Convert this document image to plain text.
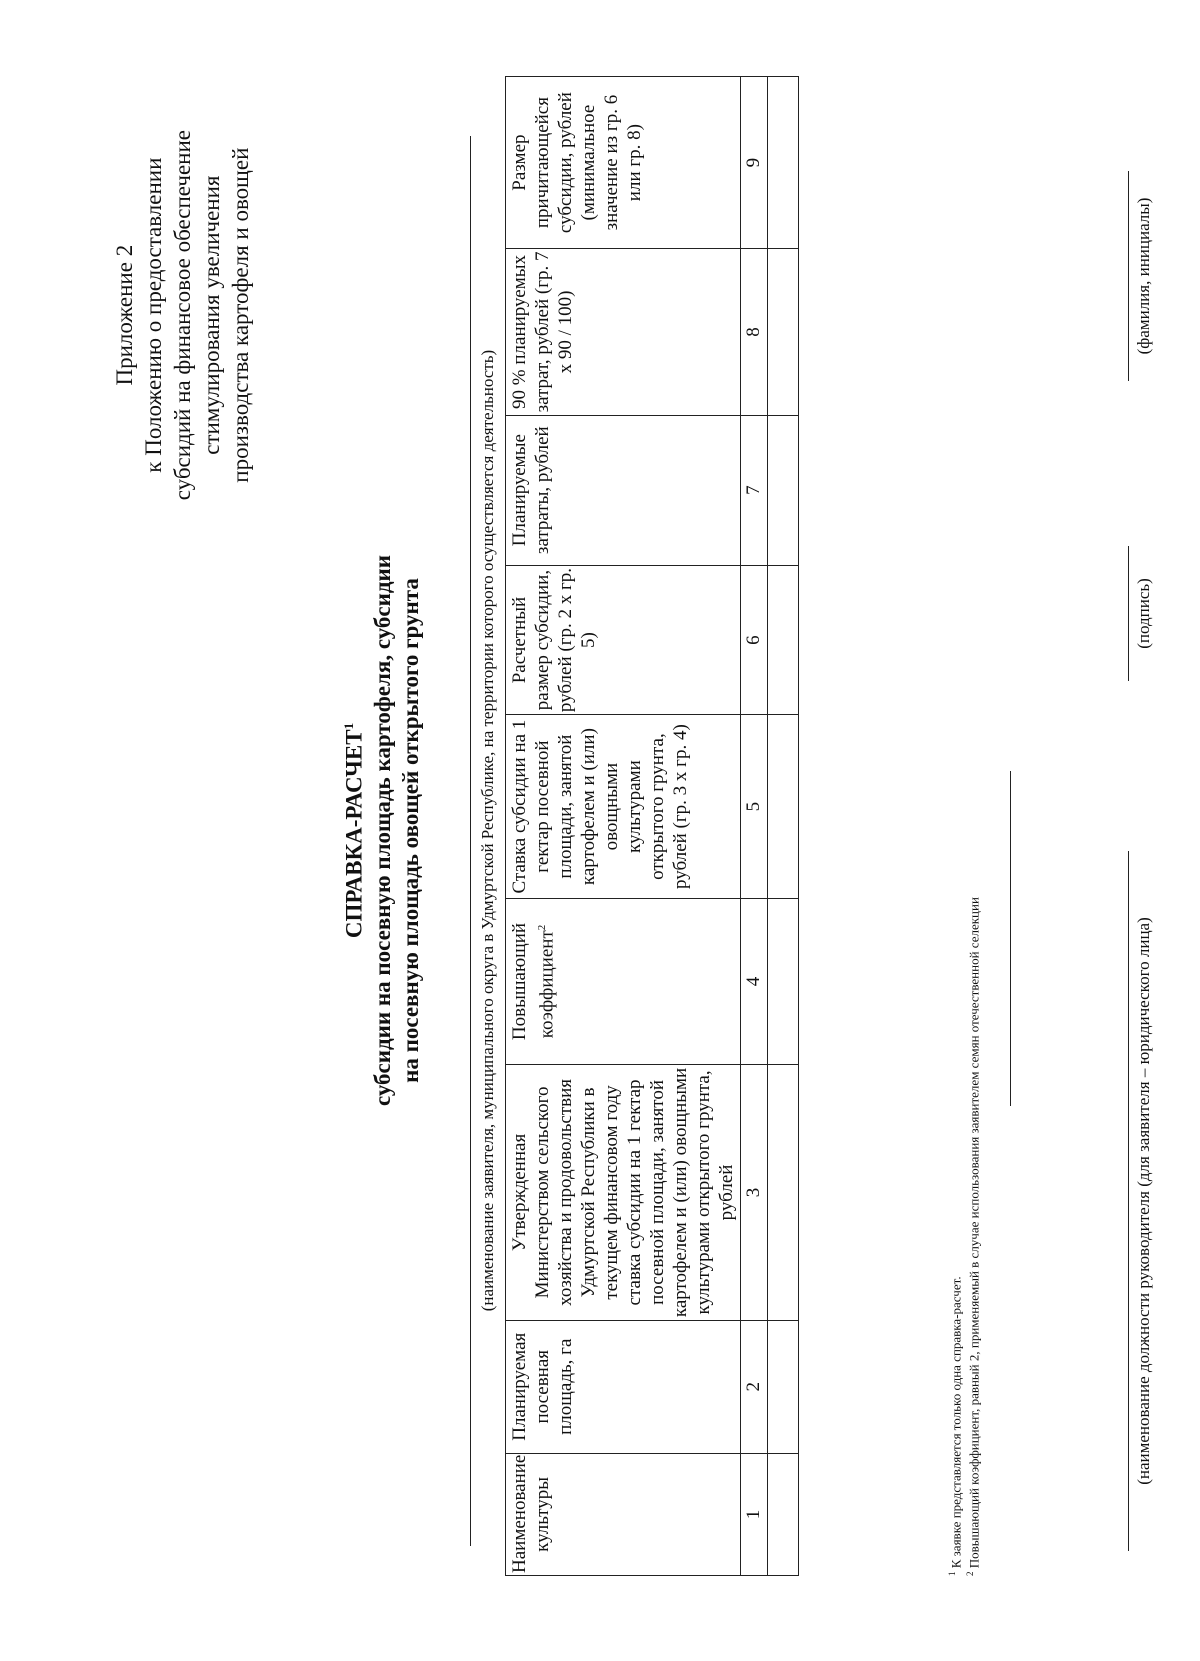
Приложение 2 к Положению о предоставлении субсидий на финансовое обеспечение стимулирования увеличения производства картофеля и овощей
СПРАВКА-РАСЧЕТ$^1$ субсидии на посевную площадь картофеля, субсидии на посевную площадь овощей открытого грунта	(наименование заявителя, муниципального округа в Удмуртской Республике, на территории которого осуществляется деятельность)
Наименование культуры	Планируемая посевная площадь, га	Утвержденная Министерством сельского хозяйства и продовольствия Удмуртской Республики в текущем финансовом году ставка субсидии на 1 гектар посевной площади, занятой картофелем и (или) овощными культурами открытого грунта, рублей	Повышающий коэффициент$^2$	Ставка субсидии на 1 гектар посевной площади, занятой картофелем и (или) овощными культурами открытого грунта, рублей (гр. 3 х гр. 4)	Расчетный размер субсидии, рублей (гр. 2 х гр. 5)	Планируемые затраты, рублей	90 % планируемых затрат, рублей (гр. 7 х 90 / 100)	Размер причитающейся субсидии, рублей (минимальное значение из гр. 6 или гр. 8)
1	2	3	4	5	6	7	8	9

$^1$ К заявке представляется только одна справка-расчет.
$^2$ Повышающий коэффициент, равный 2, применяемый в случае использования заявителем семян отечественной селекции	(наименование должности руководителя (для заявителя – юридического лица)
(подпись)
(фамилия, инициалы)
